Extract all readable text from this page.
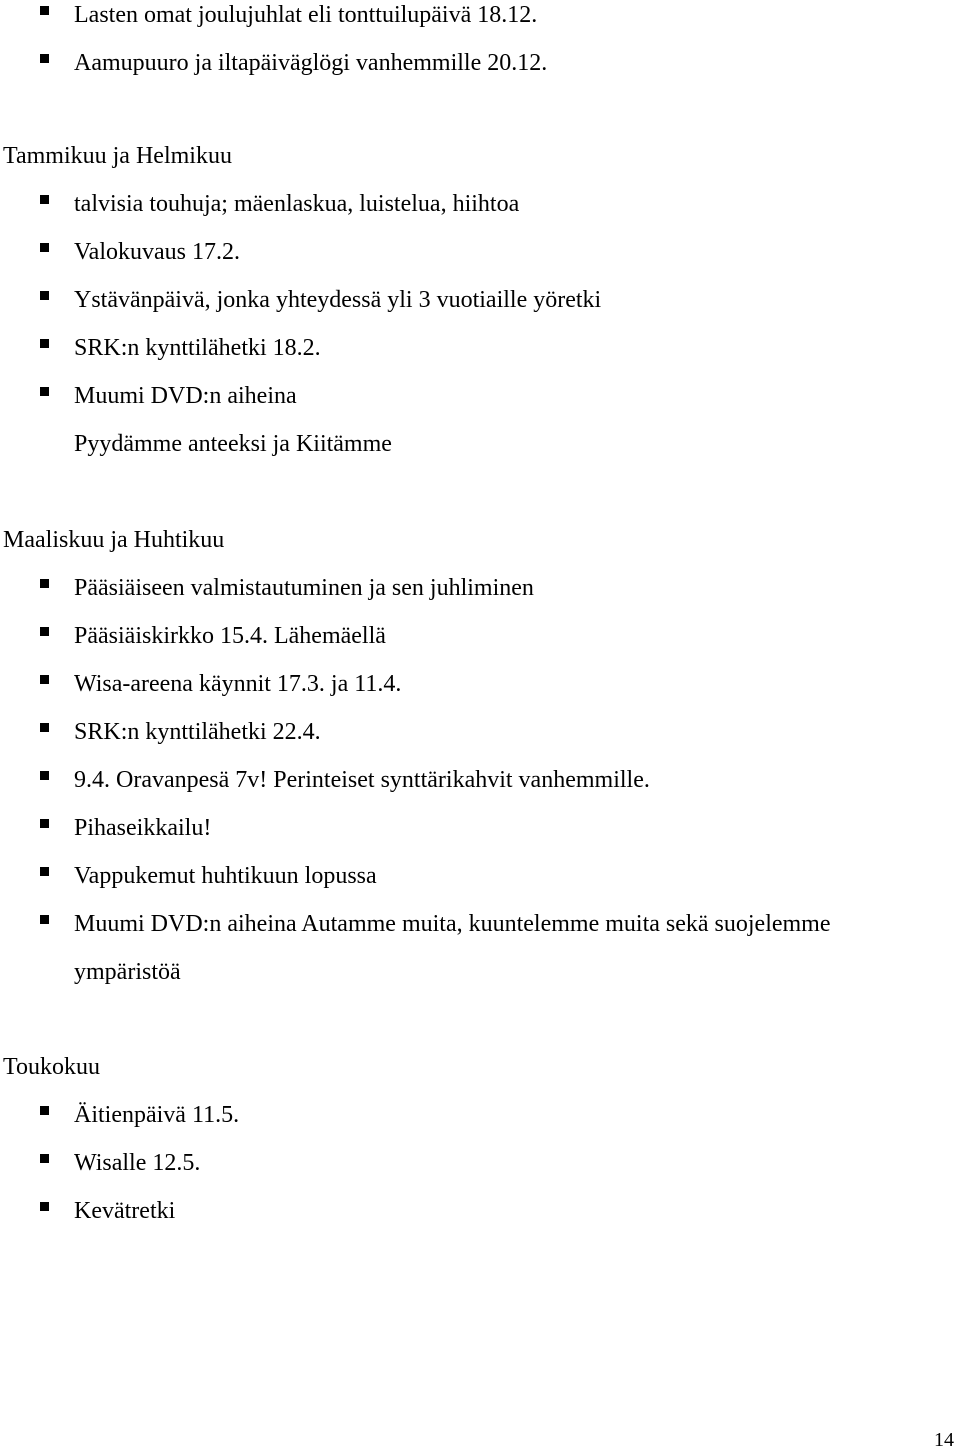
Lasten omat joulujuhlat eli tonttuilupäivä 18.12.
Aamupuuro ja iltapäiväglögi vanhemmille 20.12.
Tammikuu ja Helmikuu
talvisia touhuja; mäenlaskua, luistelua, hiihtoa
Valokuvaus 17.2.
Ystävänpäivä, jonka yhteydessä yli 3 vuotiaille yöretki
SRK:n kynttilähetki 18.2.
Muumi DVD:n aiheina
Pyydämme anteeksi ja Kiitämme
Maaliskuu ja Huhtikuu
Pääsiäiseen valmistautuminen ja sen juhliminen
Pääsiäiskirkko 15.4. Lähemäellä
Wisa-areena käynnit 17.3. ja 11.4.
SRK:n kynttilähetki 22.4.
9.4. Oravanpesä 7v! Perinteiset synttärikahvit vanhemmille.
Pihaseikkailu!
Vappukemut huhtikuun lopussa
Muumi DVD:n aiheina Autamme muita, kuuntelemme muita sekä suojelemme
ympäristöä
Toukokuu
Äitienpäivä 11.5.
Wisalle 12.5.
Kevätretki
14
